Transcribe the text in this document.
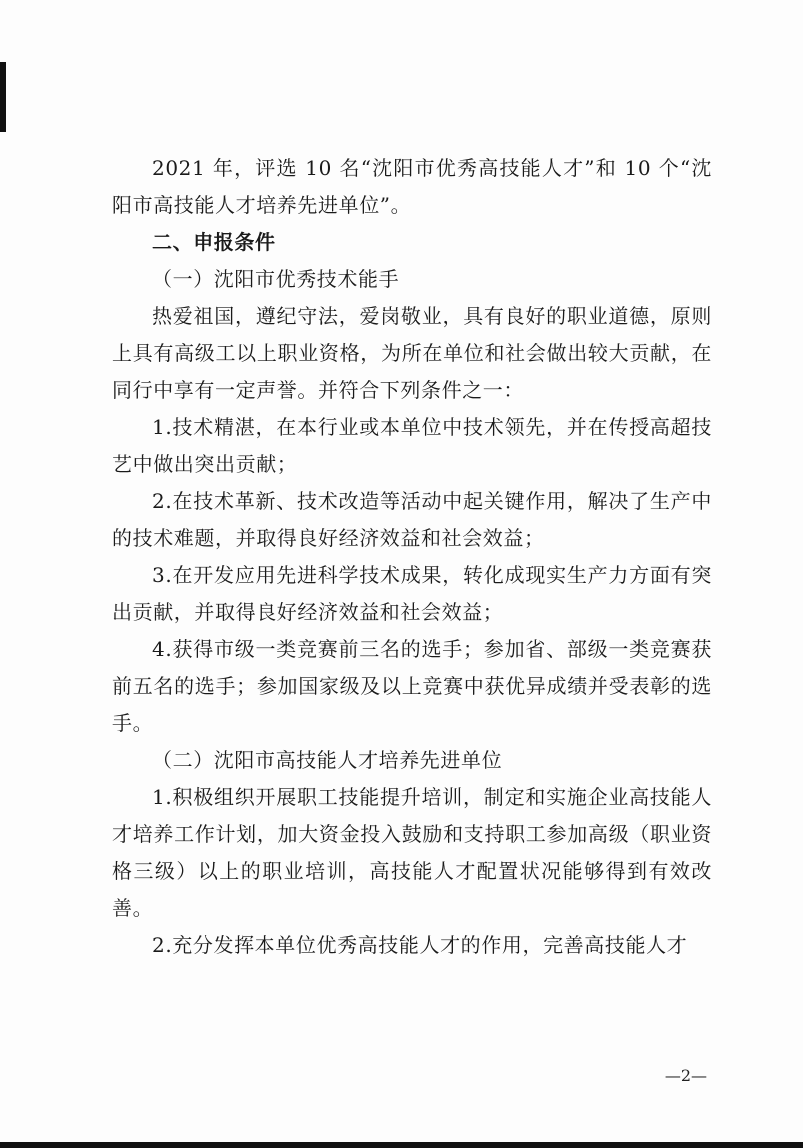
2021 年，评选 10 名“沈阳市优秀高技能人才”和 10 个“沈阳市高技能人才培养先进单位”。

二、申报条件

（一）沈阳市优秀技术能手

热爱祖国，遵纪守法，爱岗敬业，具有良好的职业道德，原则上具有高级工以上职业资格，为所在单位和社会做出较大贡献，在同行中享有一定声誉。并符合下列条件之一：

1.技术精湛，在本行业或本单位中技术领先，并在传授高超技艺中做出突出贡献；

2.在技术革新、技术改造等活动中起关键作用，解决了生产中的技术难题，并取得良好经济效益和社会效益；

3.在开发应用先进科学技术成果，转化成现实生产力方面有突出贡献，并取得良好经济效益和社会效益；

4.获得市级一类竞赛前三名的选手；参加省、部级一类竞赛获前五名的选手；参加国家级及以上竞赛中获优异成绩并受表彰的选手。

（二）沈阳市高技能人才培养先进单位

1.积极组织开展职工技能提升培训，制定和实施企业高技能人才培养工作计划，加大资金投入鼓励和支持职工参加高级（职业资格三级）以上的职业培训，高技能人才配置状况能够得到有效改善。

2.充分发挥本单位优秀高技能人才的作用，完善高技能人才

—2—
